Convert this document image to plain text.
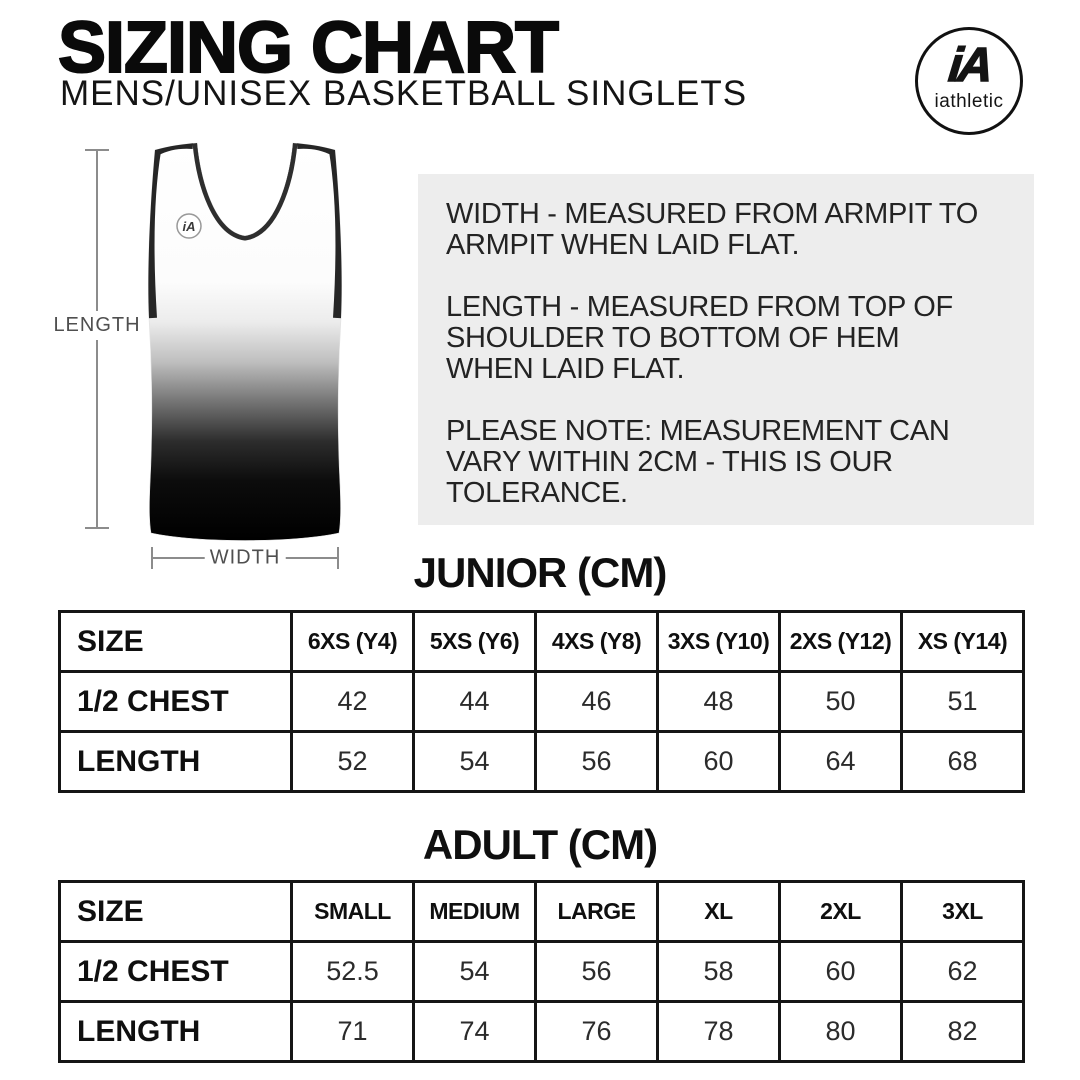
SIZING CHART
MENS/UNISEX BASKETBALL SINGLETS
iA
iathletic
LENGTH
iA
WIDTH
WIDTH - MEASURED FROM ARMPIT TO
ARMPIT WHEN LAID FLAT.
LENGTH - MEASURED FROM TOP OF
SHOULDER TO BOTTOM OF HEM
WHEN LAID FLAT.
PLEASE NOTE: MEASUREMENT CAN
VARY WITHIN 2CM - THIS IS OUR
TOLERANCE.
JUNIOR (CM)
SIZE	6XS (Y4)	5XS (Y6)	4XS (Y8)	3XS (Y10)	2XS (Y12)	XS (Y14)
1/2 CHEST	42	44	46	48	50	51
LENGTH	52	54	56	60	64	68
ADULT (CM)
SIZE	SMALL	MEDIUM	LARGE	XL	2XL	3XL
1/2 CHEST	52.5	54	56	58	60	62
LENGTH	71	74	76	78	80	82
